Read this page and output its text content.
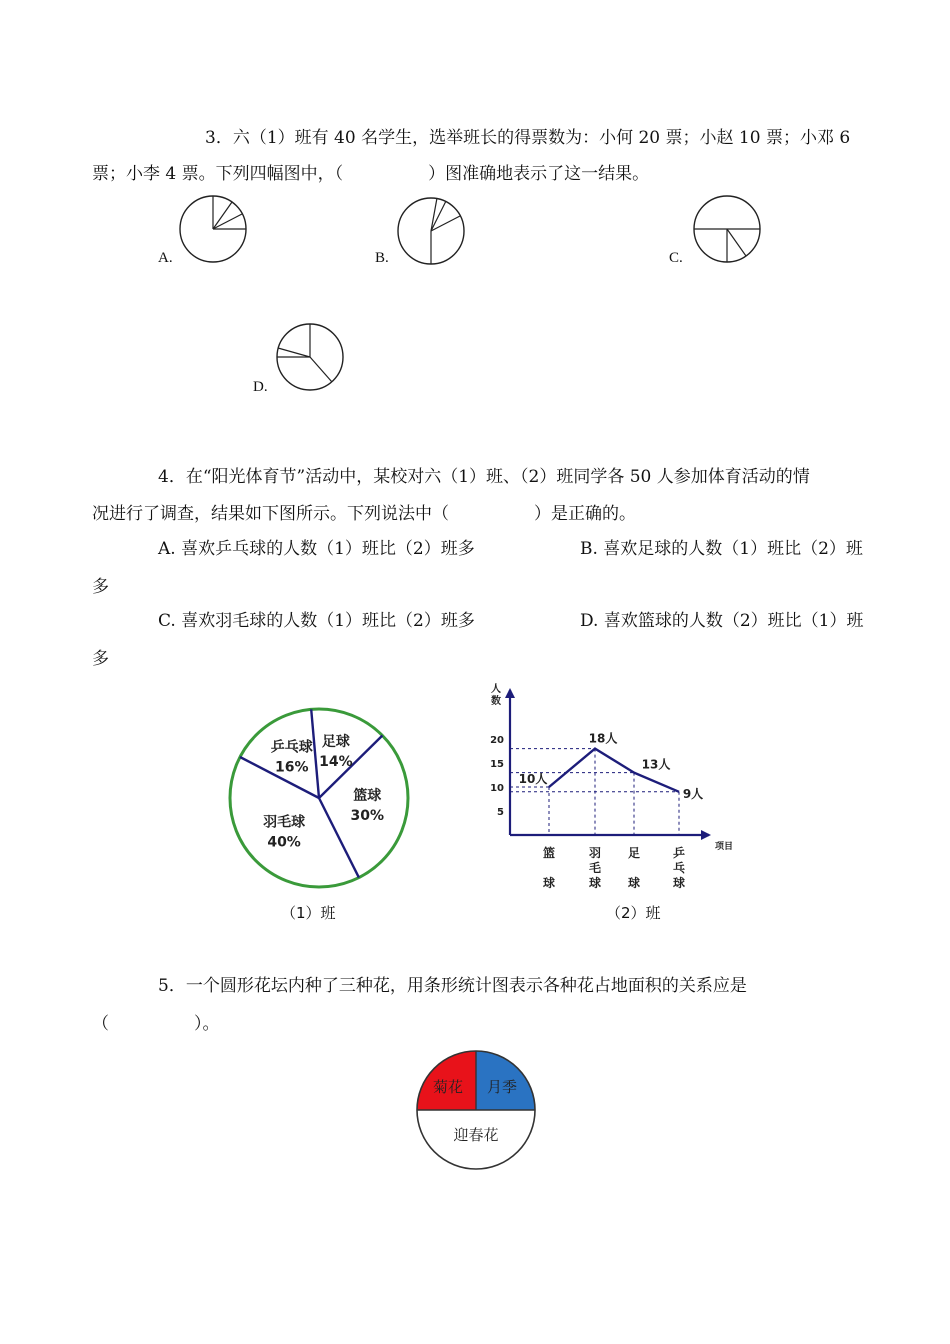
3．六（1）班有 40 名学生，选举班长的得票数为：小何 20 票；小赵 10 票；小邓 6
票；小李 4 票。下列四幅图中，（　　　　　）图准确地表示了这一结果。
A.	B.	C.
D.
4．在“阳光体育节”活动中，某校对六（1）班、（2）班同学各 50 人参加体育活动的情
况进行了调查，结果如下图所示。下列说法中（　　　　　）是正确的。
A. 喜欢乒乓球的人数（1）班比（2）班多	B. 喜欢足球的人数（1）班比（2）班
多
C. 喜欢羽毛球的人数（1）班比（2）班多	D. 喜欢篮球的人数（2）班比（1）班
多
足球
14%
篮球
30%
羽毛球
40%
乒乓球
16%
（1）班
人
数
项目
5
10
15
20
10人
18人
13人
9人
篮
球
羽
毛
球
足
球
乒
乓
球
（2）班
5．一个圆形花坛内种了三种花，用条形统计图表示各种花占地面积的关系应是
（　　　　　）。
菊花 月季
迎春花
